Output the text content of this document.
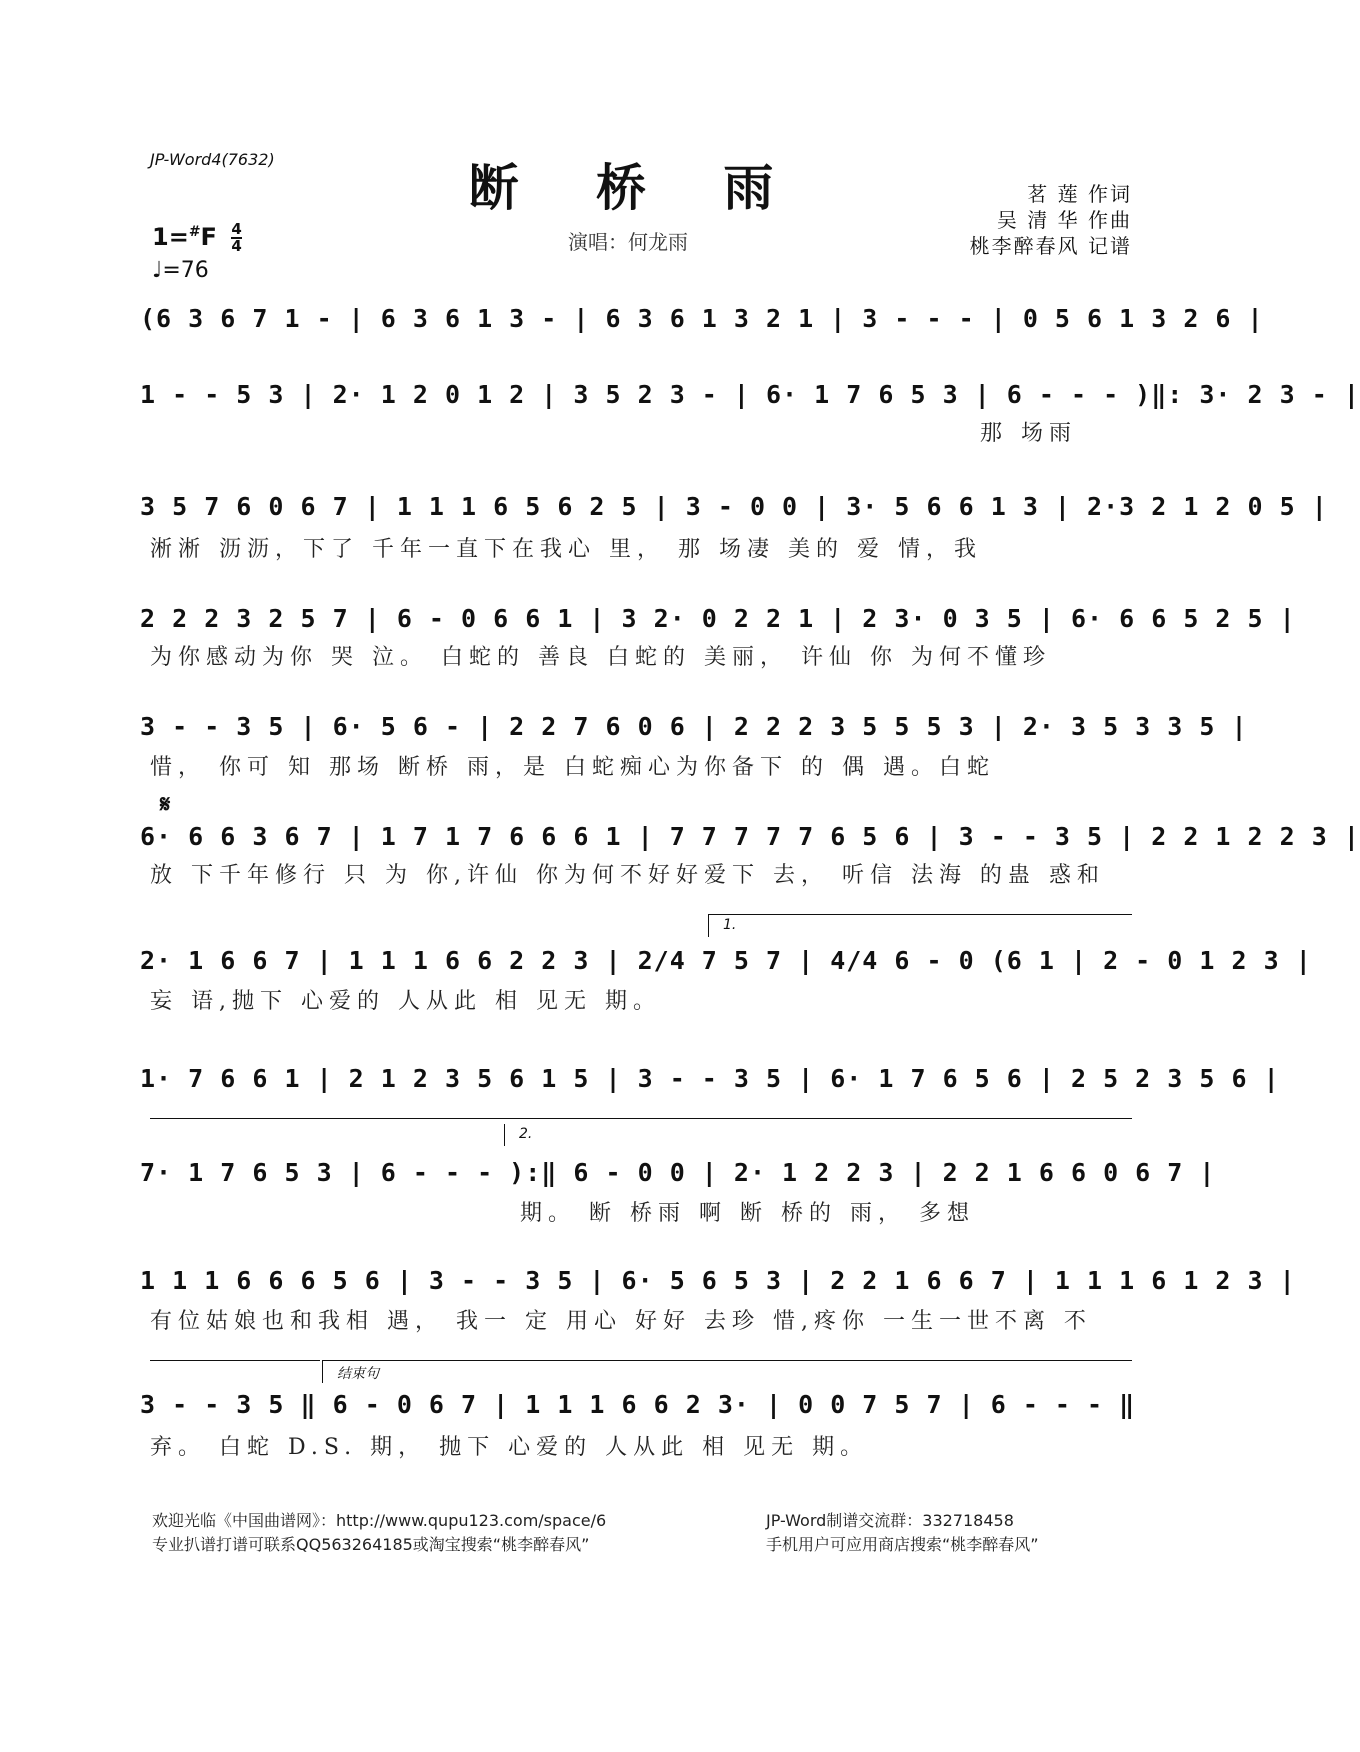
JP-Word4(7632)	断 桥 雨
演唱：何龙雨
茗 莲 作词
吴 清 华 作曲
桃李醉春风 记谱
$1=^{\#}F \frac{4}{4}$
♩=76
(6 3 6 7 1 - | 6 3 6 1 3 - | 6 3 6 1 3 2 1 | 3 - - - | 0 5 6 1 3 2 6 |
1 - - 5 3 | 2· 1 2 0 1 2 | 3 5 2 3 - | 6· 1 7 6 5 3 | 6 - - - )‖: 3· 2 3 - |
那 场雨
3 5 7 6 0 6 7 | 1 1 1 6 5 6 2 5 | 3 - 0 0 | 3· 5 6 6 1 3 | 2·3 2 1 2 0 5 |
淅淅 沥沥，下了 千年一直下在我心 里， 那 场凄 美的 爱 情，我
2 2 2 3 2 5 7 | 6 - 0 6 6 1 | 3 2· 0 2 2 1 | 2 3· 0 3 5 | 6· 6 6 5 2 5 |
为你感动为你 哭 泣。 白蛇的 善良 白蛇的 美丽， 许仙 你 为何不懂珍
3 - - 3 5 | 6· 5 6 - | 2 2 7 6 0 6 | 2 2 2 3 5 5 5 3 | 2· 3 5 3 3 5 |
惜， 你可 知 那场 断桥 雨，是 白蛇痴心为你备下 的 偶 遇。白蛇
𝄋
6· 6 6 3 6 7 | 1 7 1 7 6 6 6 1 | 7 7 7 7 7 6 5 6 | 3 - - 3 5 | 2 2 1 2 2 3 |
放 下千年修行 只 为 你,许仙 你为何不好好爱下 去， 听信 法海 的蛊 惑和
1.
2· 1 6 6 7 | 1 1 1 6 6 2 2 3 | 2/4 7 5 7 | 4/4 6 - 0 (6 1 | 2 - 0 1 2 3 |
妄 语,抛下 心爱的 人从此 相 见无 期。
1· 7 6 6 1 | 2 1 2 3 5 6 1 5 | 3 - - 3 5 | 6· 1 7 6 5 6 | 2 5 2 3 5 6 |
2.
7· 1 7 6 5 3 | 6 - - - ):‖ 6 - 0 0 | 2· 1 2 2 3 | 2 2 1 6 6 0 6 7 |
期。 断 桥雨 啊 断 桥的 雨， 多想
1 1 1 6 6 6 5 6 | 3 - - 3 5 | 6· 5 6 5 3 | 2 2 1 6 6 7 | 1 1 1 6 1 2 3 |
有位姑娘也和我相 遇， 我一 定 用心 好好 去珍 惜,疼你 一生一世不离 不
结束句
3 - - 3 5 ‖ 6 - 0 6 7 | 1 1 1 6 6 2 3· | 0 0 7 5 7 | 6 - - - ‖
弃。 白蛇 D.S. 期， 抛下 心爱的 人从此 相 见无 期。
欢迎光临《中国曲谱网》：http://www.qupu123.com/space/6
专业扒谱打谱可联系QQ563264185或淘宝搜索“桃李醉春风”
JP-Word制谱交流群：332718458
手机用户可应用商店搜索“桃李醉春风”
